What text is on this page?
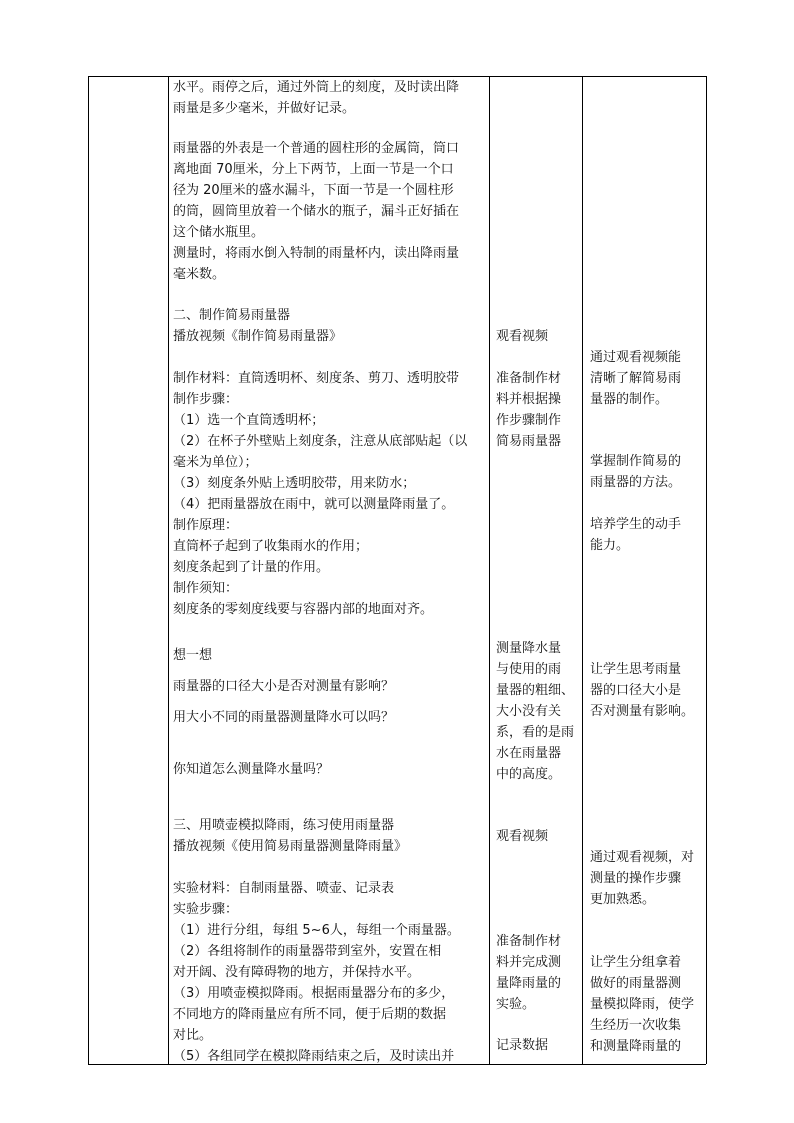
水平。雨停之后，通过外筒上的刻度，及时读出降
雨量是多少毫米，并做好记录。
雨量器的外表是一个普通的圆柱形的金属筒，筒口
离地面 70厘米，分上下两节，上面一节是一个口
径为 20厘米的盛水漏斗，下面一节是一个圆柱形
的筒，圆筒里放着一个储水的瓶子，漏斗正好插在
这个储水瓶里。
测量时，将雨水倒入特制的雨量杯内，读出降雨量
毫米数。
二、制作简易雨量器
播放视频《制作简易雨量器》
制作材料：直筒透明杯、刻度条、剪刀、透明胶带
制作步骤：
（1）选一个直筒透明杯；
（2）在杯子外壁贴上刻度条，注意从底部贴起（以
毫米为单位）；
（3）刻度条外贴上透明胶带，用来防水；
（4）把雨量器放在雨中，就可以测量降雨量了。
制作原理：
直筒杯子起到了收集雨水的作用；
刻度条起到了计量的作用。
制作须知：
刻度条的零刻度线要与容器内部的地面对齐。
想一想
雨量器的口径大小是否对测量有影响？
用大小不同的雨量器测量降水可以吗？
你知道怎么测量降水量吗？
三、用喷壶模拟降雨，练习使用雨量器
播放视频《使用简易雨量器测量降雨量》
实验材料：自制雨量器、喷壶、记录表
实验步骤：
（1）进行分组，每组 5~6人，每组一个雨量器。
（2）各组将制作的雨量器带到室外，安置在相
对开阔、没有障碍物的地方，并保持水平。
（3）用喷壶模拟降雨。根据雨量器分布的多少，
不同地方的降雨量应有所不同，便于后期的数据
对比。
（5）各组同学在模拟降雨结束之后，及时读出并
观看视频
准备制作材
料并根据操
作步骤制作
简易雨量器
测量降水量
与使用的雨
量器的粗细、
大小没有关
系，看的是雨
水在雨量器
中的高度。
观看视频
准备制作材
料并完成测
量降雨量的
实验。
记录数据
通过观看视频能
清晰了解简易雨
量器的制作。
掌握制作简易的
雨量器的方法。
培养学生的动手
能力。
让学生思考雨量
器的口径大小是
否对测量有影响。
通过观看视频，对
测量的操作步骤
更加熟悉。
让学生分组拿着
做好的雨量器测
量模拟降雨，使学
生经历一次收集
和测量降雨量的
